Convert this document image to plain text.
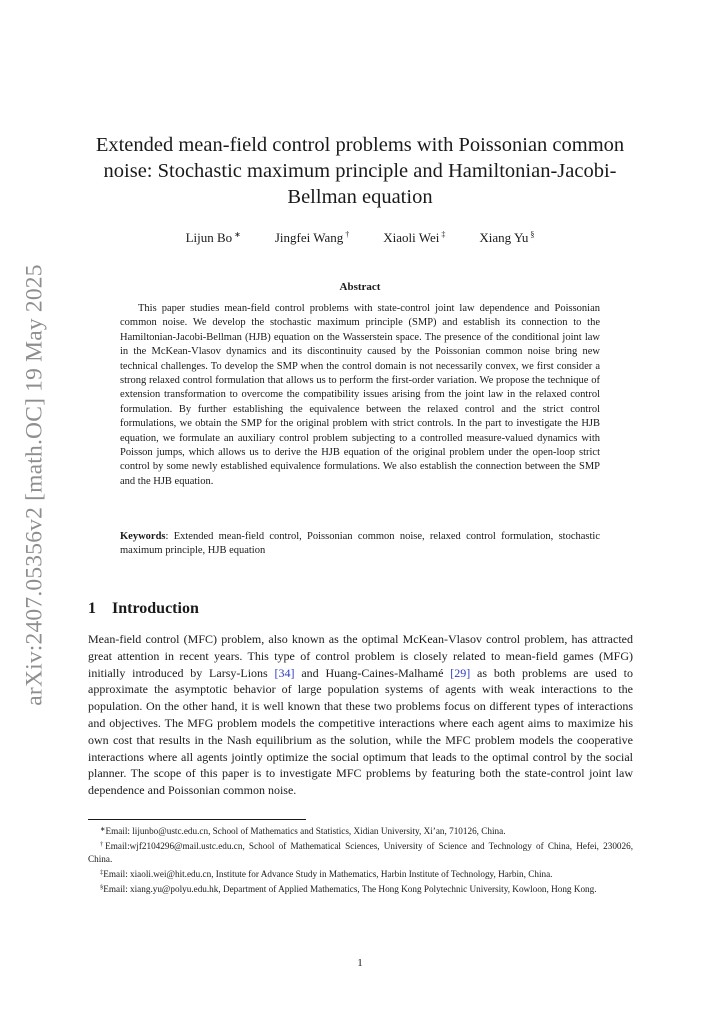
arXiv:2407.05356v2 [math.OC] 19 May 2025
Extended mean-field control problems with Poissonian common noise: Stochastic maximum principle and Hamiltonian-Jacobi-Bellman equation
Lijun Bo ∗	Jingfei Wang †	Xiaoli Wei ‡	Xiang Yu §
Abstract
This paper studies mean-field control problems with state-control joint law dependence and Poissonian common noise. We develop the stochastic maximum principle (SMP) and establish its connection to the Hamiltonian-Jacobi-Bellman (HJB) equation on the Wasserstein space. The presence of the conditional joint law in the McKean-Vlasov dynamics and its discontinuity caused by the Poissonian common noise bring new technical challenges. To develop the SMP when the control domain is not necessarily convex, we first consider a strong relaxed control formulation that allows us to perform the first-order variation. We propose the technique of extension transformation to overcome the compatibility issues arising from the joint law in the relaxed control formulation. By further establishing the equivalence between the relaxed control and the strict control formulations, we obtain the SMP for the original problem with strict controls. In the part to investigate the HJB equation, we formulate an auxiliary control problem subjecting to a controlled measure-valued dynamics with Poisson jumps, which allows us to derive the HJB equation of the original problem under the open-loop strict control by some newly established equivalence formulations. We also establish the connection between the SMP and the HJB equation.
Keywords: Extended mean-field control, Poissonian common noise, relaxed control formulation, stochastic maximum principle, HJB equation
1 Introduction
Mean-field control (MFC) problem, also known as the optimal McKean-Vlasov control problem, has attracted great attention in recent years. This type of control problem is closely related to mean-field games (MFG) initially introduced by Larsy-Lions [34] and Huang-Caines-Malhamé [29] as both problems are used to approximate the asymptotic behavior of large population systems of agents with weak interactions to the population. On the other hand, it is well known that these two problems focus on different types of interactions and objectives. The MFG problem models the competitive interactions where each agent aims to maximize his own cost that results in the Nash equilibrium as the solution, while the MFC problem models the cooperative interactions where all agents jointly optimize the social optimum that leads to the optimal control by the social planner. The scope of this paper is to investigate MFC problems by featuring both the state-control joint law dependence and Poissonian common noise.

∗Email: lijunbo@ustc.edu.cn, School of Mathematics and Statistics, Xidian University, Xi’an, 710126, China.

†Email:wjf2104296@mail.ustc.edu.cn, School of Mathematical Sciences, University of Science and Technology of China, Hefei, 230026, China.

‡Email: xiaoli.wei@hit.edu.cn, Institute for Advance Study in Mathematics, Harbin Institute of Technology, Harbin, China.

§Email: xiang.yu@polyu.edu.hk, Department of Applied Mathematics, The Hong Kong Polytechnic University, Kowloon, Hong Kong.

1
